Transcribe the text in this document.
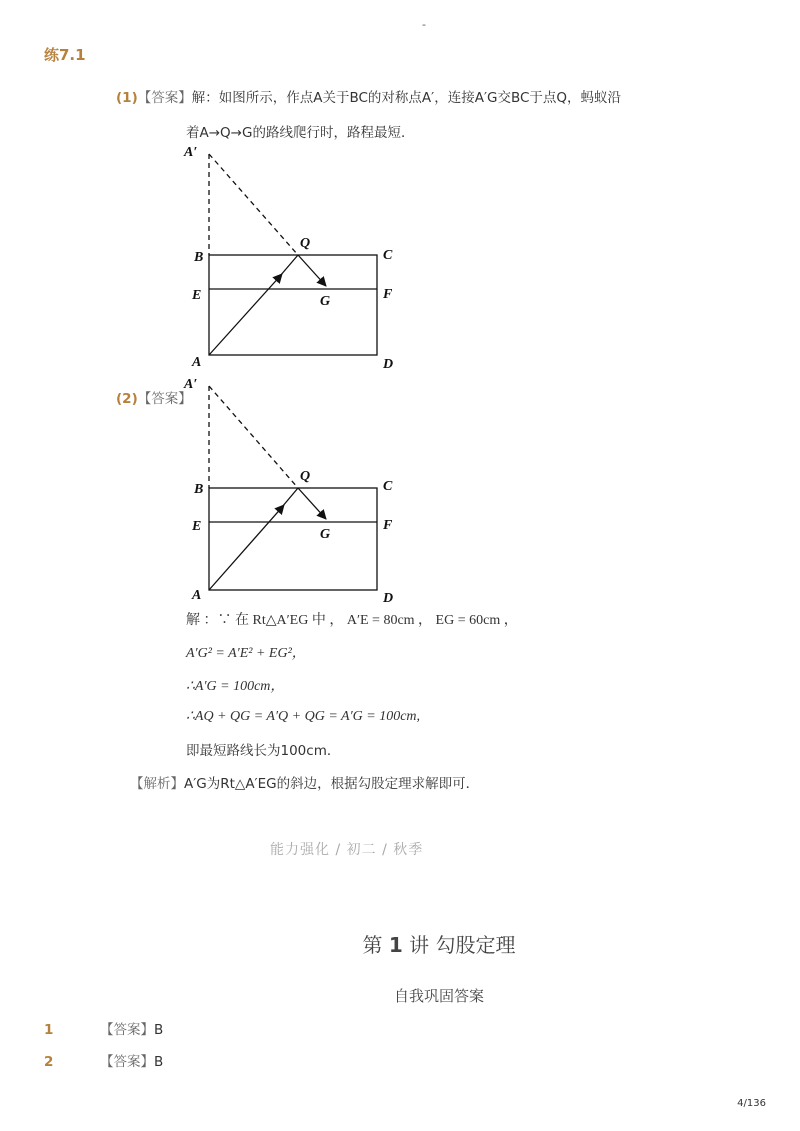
-
练7.1
(1)【答案】解：如图所示，作点A关于BC的对称点A′，连接A′G交BC于点Q，蚂蚁沿
着A→Q→G的路线爬行时，路程最短．
A′
B	C
E	F
Q
G
A	D
(2)【答案】
A′
B	C
E	F
Q
G
A	D
解 ：∵ 在 Rt△A′EG 中 ， A′E = 80cm ， EG = 60cm ，
A′G² = A′E² + EG²，
∴A′G = 100cm，
∴AQ + QG = A′Q + QG = A′G = 100cm,
即最短路线长为100cm．
【解析】A′G为Rt△A′EG的斜边，根据勾股定理求解即可．
能力强化 / 初二 / 秋季
第 1 讲 勾股定理
自我巩固答案
1	【答案】B
2	【答案】B
4/136
